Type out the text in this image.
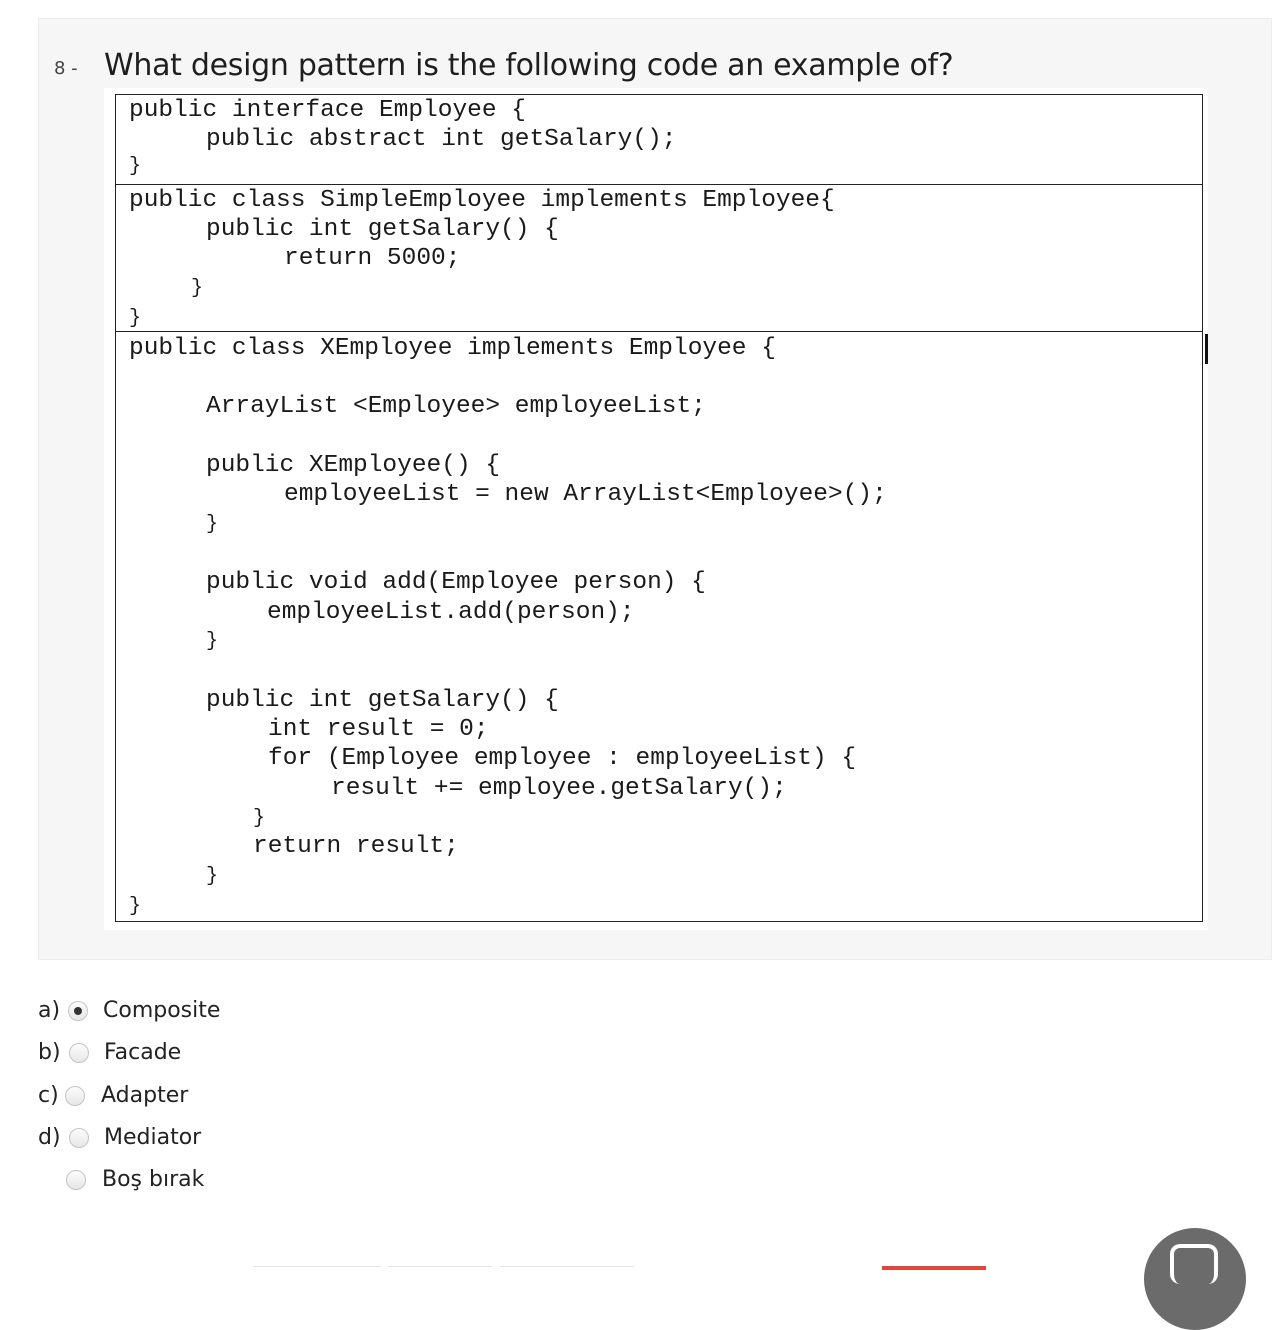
8 - What design pattern is the following code an example of?
public interface Employee {
public abstract int getSalary();
}
public class SimpleEmployee implements Employee{
public int getSalary() {
return 5000;
}
}
public class XEmployee implements Employee {
ArrayList <Employee> employeeList;
public XEmployee() {
employeeList = new ArrayList<Employee>();
}
public void add(Employee person) {
employeeList.add(person);
}
public int getSalary() {
int result = 0;
for (Employee employee : employeeList) {
result += employee.getSalary();
}
return result;
}
}
a) Composite
b) Facade
c) Adapter
d) Mediator
Boş bırak
